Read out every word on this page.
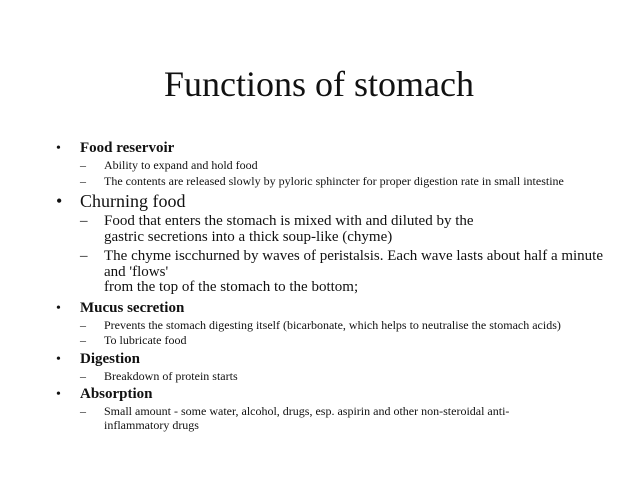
Functions of stomach
• Food reservoir
– Ability to expand and hold food
– The contents are released slowly by pyloric sphincter for proper digestion rate in small intestine
• Churning food
– Food that enters the stomach is mixed with and diluted by the
gastric secretions into a thick soup-like (chyme)
– The chyme iscchurned by waves of peristalsis. Each wave lasts about half a minute
and 'flows'
from the top of the stomach to the bottom;
• Mucus secretion
– Prevents the stomach digesting itself (bicarbonate, which helps to neutralise the stomach acids)
– To lubricate food
• Digestion
– Breakdown of protein starts
• Absorption
– Small amount - some water, alcohol, drugs, esp. aspirin and other non-steroidal anti-
inflammatory drugs
